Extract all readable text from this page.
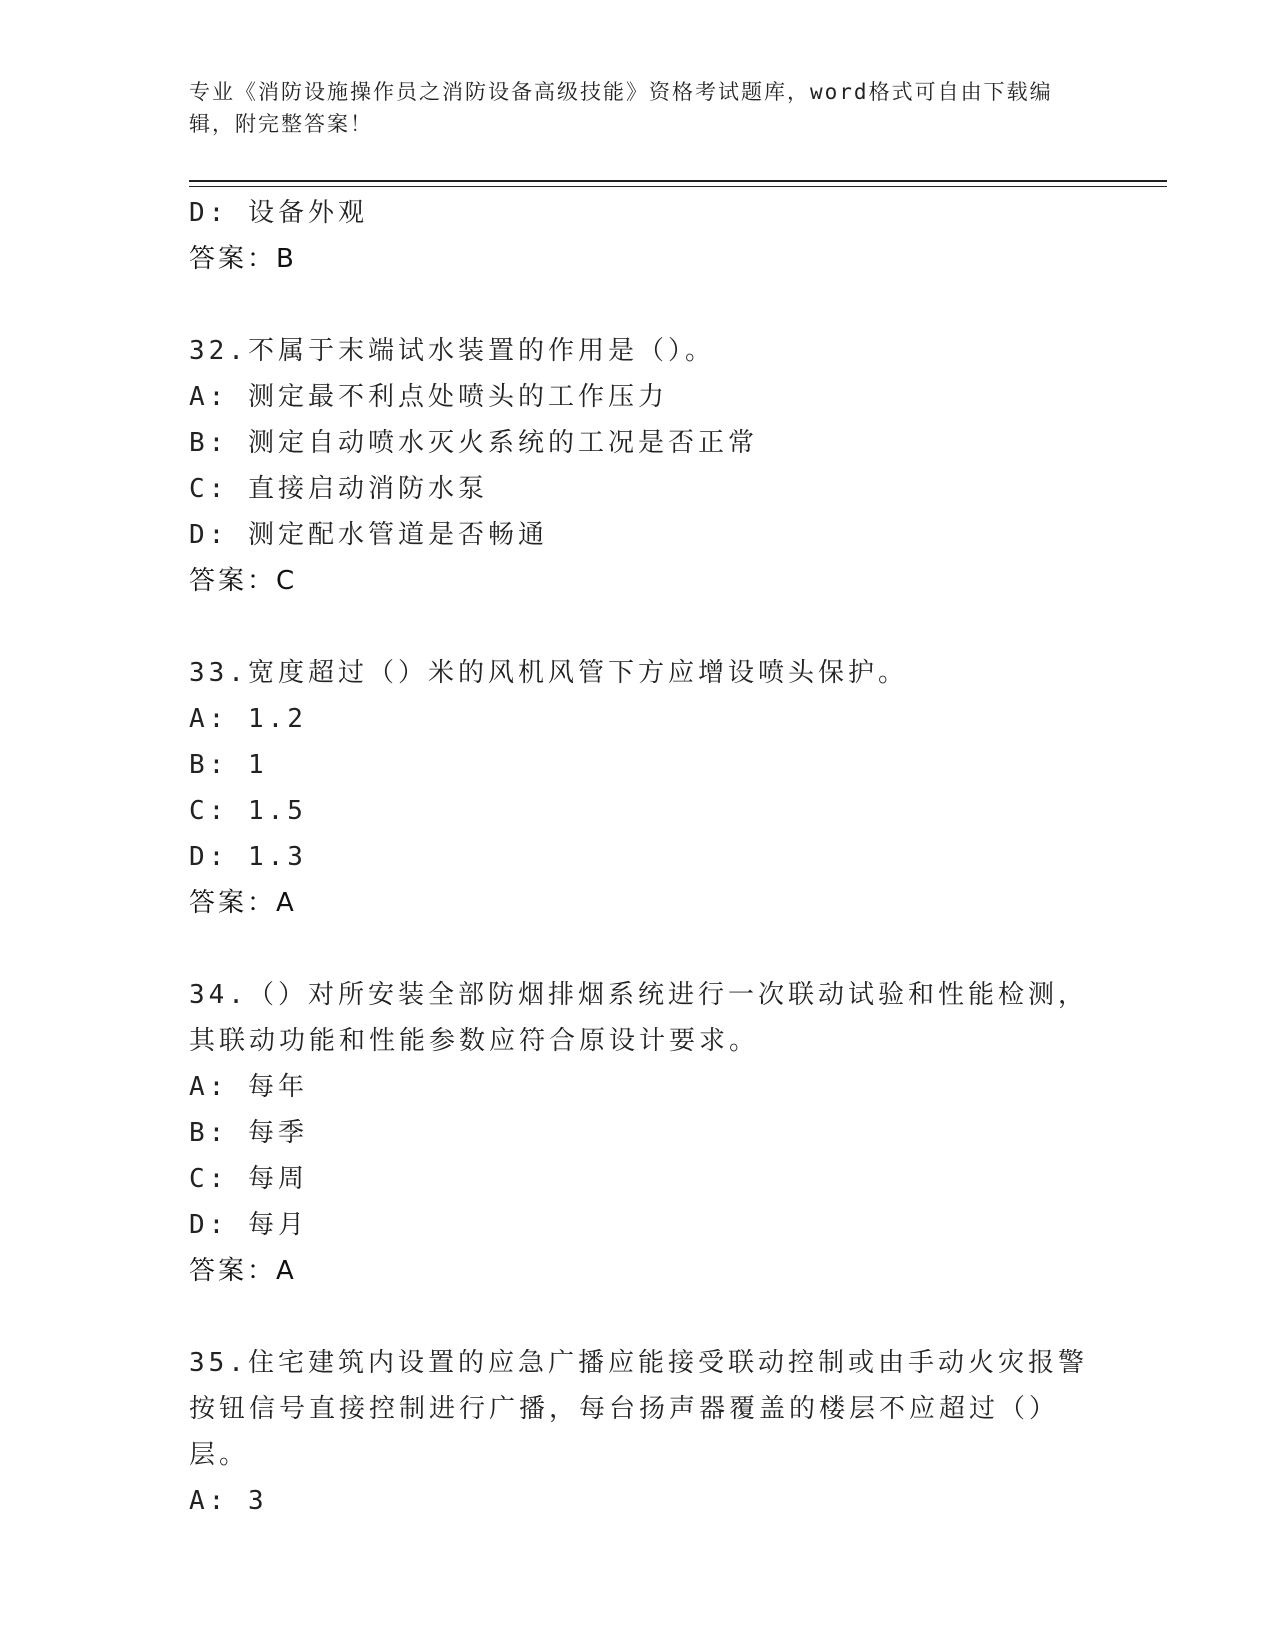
专业《消防设施操作员之消防设备高级技能》资格考试题库，word格式可自由下载编辑，附完整答案！
D: 设备外观
答案：B
32.不属于末端试水装置的作用是（）。
A: 测定最不利点处喷头的工作压力
B: 测定自动喷水灭火系统的工况是否正常
C: 直接启动消防水泵
D: 测定配水管道是否畅通
答案：C
33.宽度超过（）米的风机风管下方应增设喷头保护。
A: 1.2
B: 1
C: 1.5
D: 1.3
答案：A
34.（）对所安装全部防烟排烟系统进行一次联动试验和性能检测，其联动功能和性能参数应符合原设计要求。
A: 每年
B: 每季
C: 每周
D: 每月
答案：A
35.住宅建筑内设置的应急广播应能接受联动控制或由手动火灾报警按钮信号直接控制进行广播，每台扬声器覆盖的楼层不应超过（）层。
A: 3
